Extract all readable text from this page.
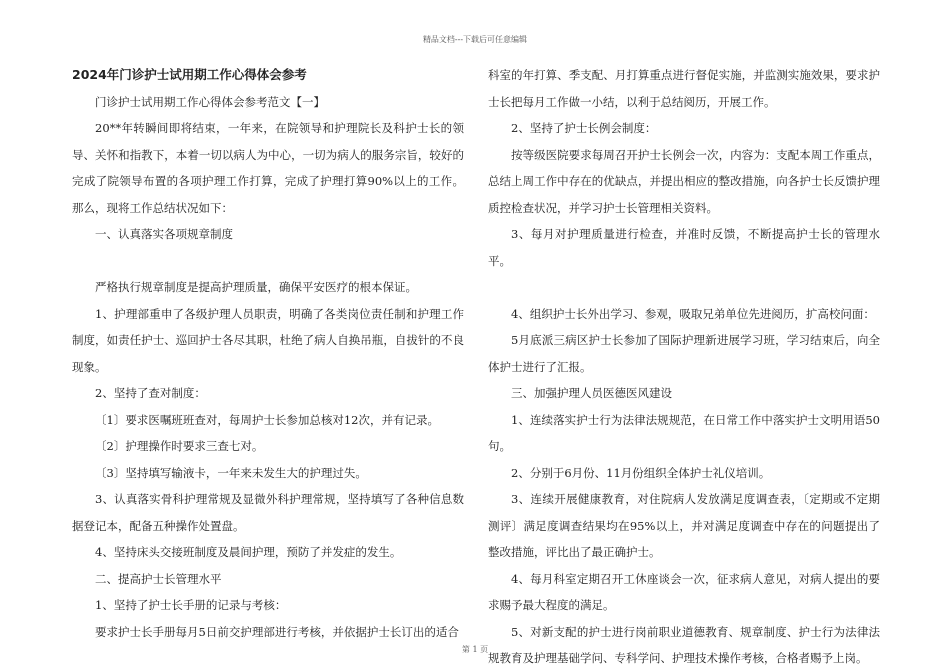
精品文档---下载后可任意编辑

2024年门诊护士试用期工作心得体会参考

门诊护士试用期工作心得体会参考范文【一】

20**年转瞬间即将结束，一年来，在院领导和护理院长及科护士长的领导、关怀和指教下，本着一切以病人为中心，一切为病人的服务宗旨，较好的完成了院领导布置的各项护理工作打算，完成了护理打算90%以上的工作。那么，现将工作总结状况如下：

一、认真落实各项规章制度

严格执行规章制度是提高护理质量，确保平安医疗的根本保证。

1、护理部重申了各级护理人员职责，明确了各类岗位责任制和护理工作制度，如责任护士、巡回护士各尽其职，杜绝了病人自换吊瓶，自拔针的不良现象。

2、坚持了查对制度：

〔1〕要求医嘱班班查对，每周护士长参加总核对12次，并有记录。

〔2〕护理操作时要求三查七对。

〔3〕坚持填写输液卡，一年来未发生大的护理过失。

3、认真落实骨科护理常规及显微外科护理常规，坚持填写了各种信息数据登记本，配备五种操作处置盘。

4、坚持床头交接班制度及晨间护理，预防了并发症的发生。

二、提高护士长管理水平

1、坚持了护士长手册的记录与考核：

要求护士长手册每月5日前交护理部进行考核，并依据护士长订出的适合

科室的年打算、季支配、月打算重点进行督促实施，并监测实施效果，要求护士长把每月工作做一小结，以利于总结阅历，开展工作。

2、坚持了护士长例会制度：

按等级医院要求每周召开护士长例会一次，内容为：支配本周工作重点，总结上周工作中存在的优缺点，并提出相应的整改措施，向各护士长反馈护理质控检查状况，并学习护士长管理相关资料。

3、每月对护理质量进行检查，并准时反馈，不断提高护士长的管理水平。

4、组织护士长外出学习、参观，吸取兄弟单位先进阅历，扩高校问面：

5月底派三病区护士长参加了国际护理新进展学习班，学习结束后，向全体护士进行了汇报。

三、加强护理人员医德医风建设

1、连续落实护士行为法律法规规范，在日常工作中落实护士文明用语50句。

2、分别于6月份、11月份组织全体护士礼仪培训。

3、连续开展健康教育，对住院病人发放满足度调查表，〔定期或不定期测评〕满足度调查结果均在95%以上，并对满足度调查中存在的问题提出了整改措施，评比出了最正确护士。

4、每月科室定期召开工休座谈会一次，征求病人意见，对病人提出的要求赐予最大程度的满足。

5、对新支配的护士进行岗前职业道德教育、规章制度、护士行为法律法规教育及护理基础学问、专科学问、护理技术操作考核，合格者赐予上岗。

第 1 页
